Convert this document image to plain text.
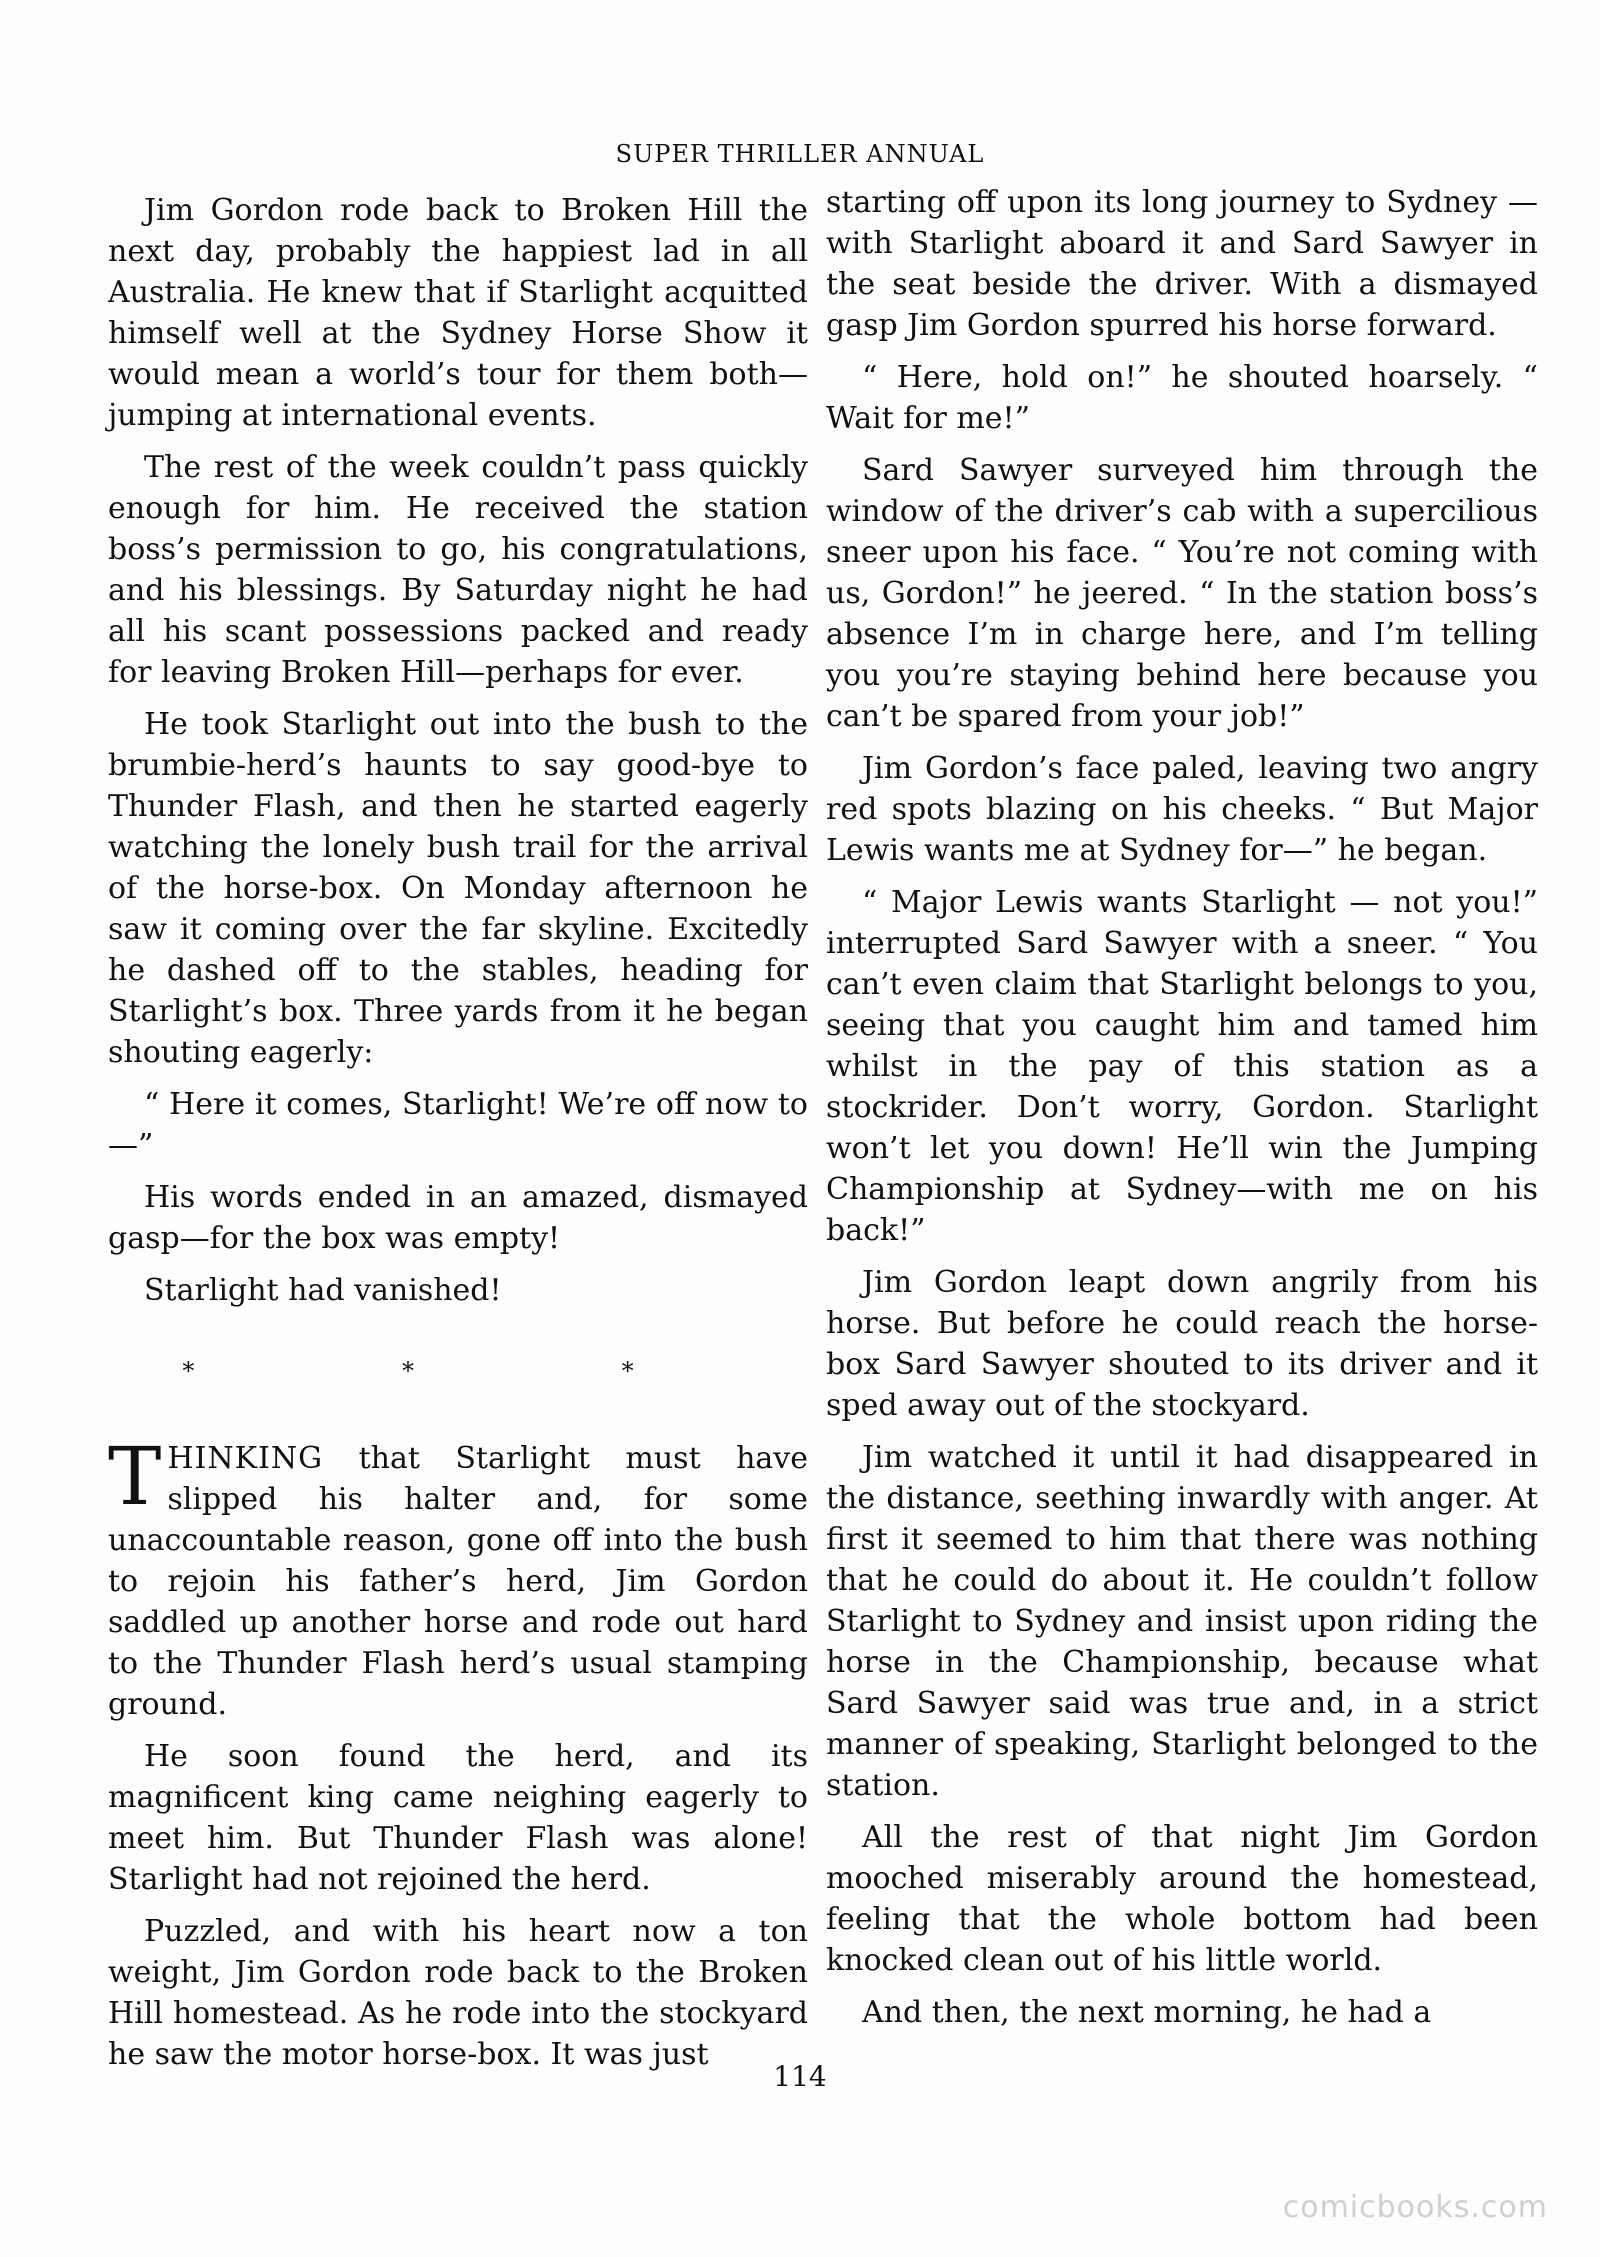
SUPER THRILLER ANNUAL

Jim Gordon rode back to Broken Hill the next day, probably the happiest lad in all Australia. He knew that if Starlight acquitted himself well at the Sydney Horse Show it would mean a world’s tour for them both—jumping at international events.

The rest of the week couldn’t pass quickly enough for him. He received the station boss’s permission to go, his congratulations, and his blessings. By Saturday night he had all his scant possessions packed and ready for leaving Broken Hill—perhaps for ever.

He took Starlight out into the bush to the brumbie-herd’s haunts to say good-bye to Thunder Flash, and then he started eagerly watching the lonely bush trail for the arrival of the horse-box. On Monday afternoon he saw it coming over the far skyline. Excitedly he dashed off to the stables, heading for Starlight’s box. Three yards from it he began shouting eagerly:

“ Here it comes, Starlight! We’re off now to—”

His words ended in an amazed, dismayed gasp—for the box was empty!

Starlight had vanished!

* * *

THINKING that Starlight must have slipped his halter and, for some unaccountable reason, gone off into the bush to rejoin his father’s herd, Jim Gordon saddled up another horse and rode out hard to the Thunder Flash herd’s usual stamping ground.

He soon found the herd, and its magnificent king came neighing eagerly to meet him. But Thunder Flash was alone! Starlight had not rejoined the herd.

Puzzled, and with his heart now a ton weight, Jim Gordon rode back to the Broken Hill homestead. As he rode into the stockyard he saw the motor horse-box. It was just

starting off upon its long journey to Sydney —with Starlight aboard it and Sard Sawyer in the seat beside the driver. With a dismayed gasp Jim Gordon spurred his horse forward.

“ Here, hold on!” he shouted hoarsely. “ Wait for me!”

Sard Sawyer surveyed him through the window of the driver’s cab with a supercilious sneer upon his face. “ You’re not coming with us, Gordon!” he jeered. “ In the station boss’s absence I’m in charge here, and I’m telling you you’re staying behind here because you can’t be spared from your job!”

Jim Gordon’s face paled, leaving two angry red spots blazing on his cheeks. “ But Major Lewis wants me at Sydney for—” he began.

“ Major Lewis wants Starlight — not you!” interrupted Sard Sawyer with a sneer. “ You can’t even claim that Starlight belongs to you, seeing that you caught him and tamed him whilst in the pay of this station as a stockrider. Don’t worry, Gordon. Starlight won’t let you down! He’ll win the Jumping Championship at Sydney—with me on his back!”

Jim Gordon leapt down angrily from his horse. But before he could reach the horse-box Sard Sawyer shouted to its driver and it sped away out of the stockyard.

Jim watched it until it had disappeared in the distance, seething inwardly with anger. At first it seemed to him that there was nothing that he could do about it. He couldn’t follow Starlight to Sydney and insist upon riding the horse in the Championship, because what Sard Sawyer said was true and, in a strict manner of speaking, Starlight belonged to the station.

All the rest of that night Jim Gordon mooched miserably around the homestead, feeling that the whole bottom had been knocked clean out of his little world.

And then, the next morning, he had a

114
comicbooks.com
